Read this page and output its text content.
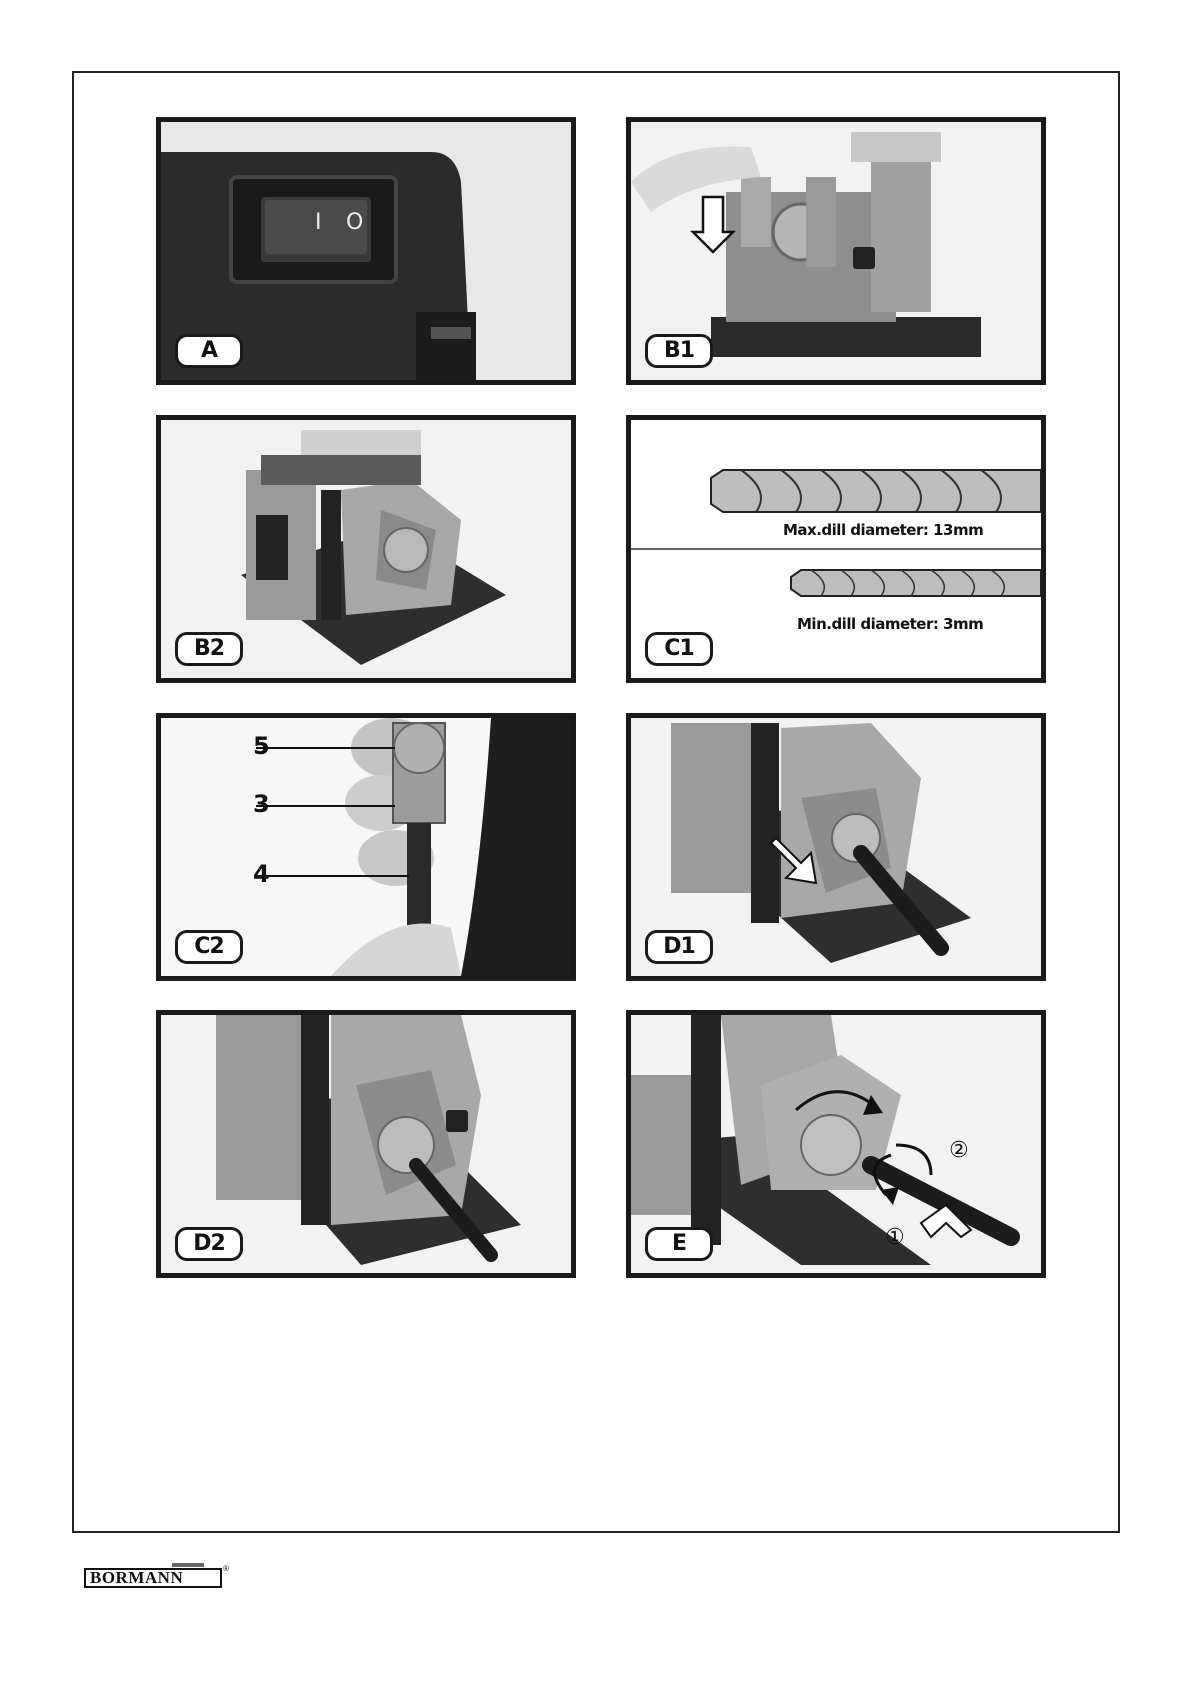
I O
A	B1
B2
Max.dill diameter: 13mm
Min.dill diameter: 3mm
C1
5
3
4
C2	D1
D2	①
②
E
BORMANN	®
